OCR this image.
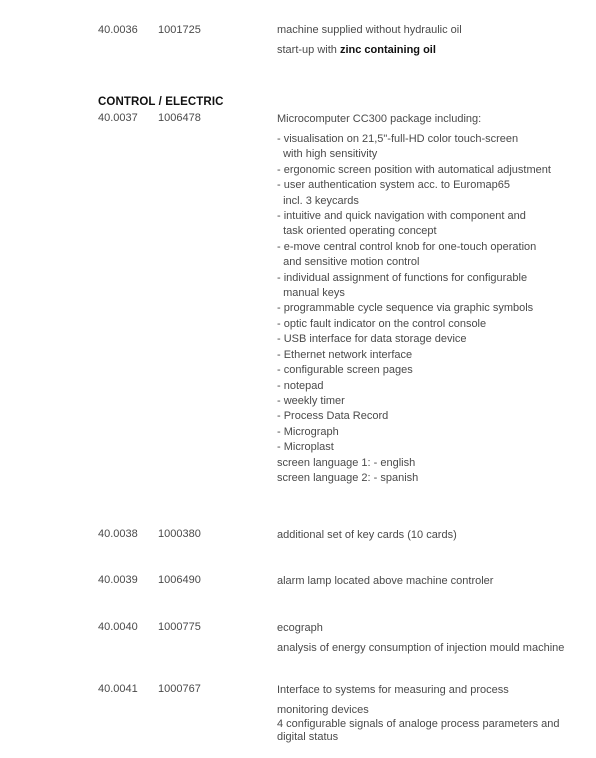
40.0036 1001725	machine supplied without hydraulic oil
start-up with zinc containing oil
CONTROL / ELECTRIC
40.0037 1006478	Microcomputer CC300 package including:
- visualisation on 21,5"-full-HD color touch-screen
with high sensitivity
- ergonomic screen position with automatical adjustment
- user authentication system acc. to Euromap65
incl. 3 keycards
- intuitive and quick navigation with component and
task oriented operating concept
- e-move central control knob for one-touch operation
and sensitive motion control
- individual assignment of functions for configurable
manual keys
- programmable cycle sequence via graphic symbols
- optic fault indicator on the control console
- USB interface for data storage device
- Ethernet network interface
- configurable screen pages
- notepad
- weekly timer
- Process Data Record
- Micrograph
- Microplast
screen language 1: - english
screen language 2: - spanish
40.0038 1000380	additional set of key cards (10 cards)
40.0039 1006490	alarm lamp located above machine controler
40.0040 1000775	ecograph
analysis of energy consumption of injection mould machine
40.0041 1000767	Interface to systems for measuring and process
monitoring devices
4 configurable signals of analoge process parameters and digital status
